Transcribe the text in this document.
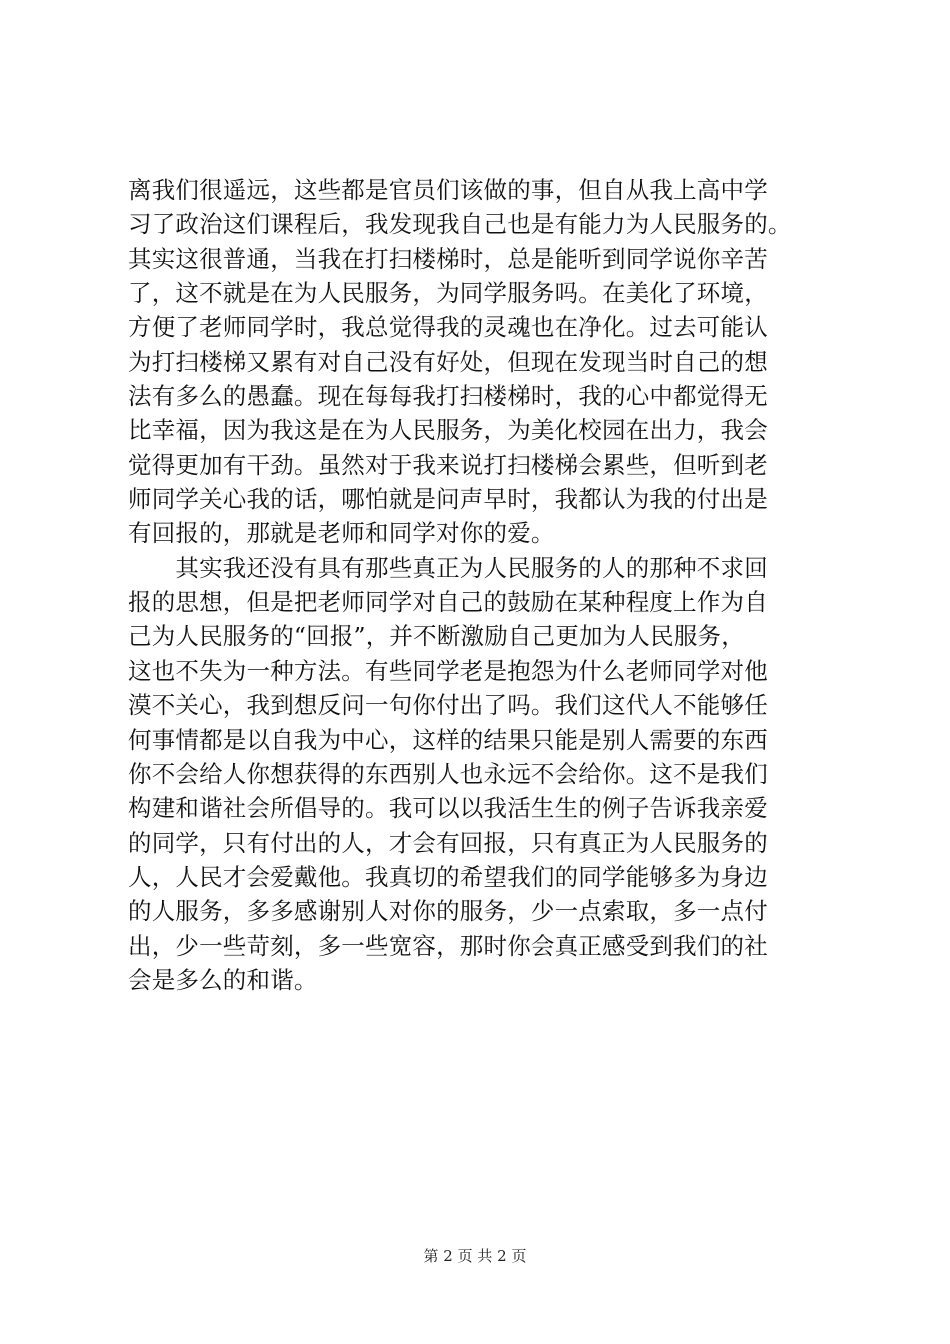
离我们很遥远，这些都是官员们该做的事，但自从我上高中学
习了政治这们课程后，我发现我自己也是有能力为人民服务的。
其实这很普通，当我在打扫楼梯时，总是能听到同学说你辛苦
了，这不就是在为人民服务，为同学服务吗。在美化了环境，
方便了老师同学时，我总觉得我的灵魂也在净化。过去可能认
为打扫楼梯又累有对自己没有好处，但现在发现当时自己的想
法有多么的愚蠢。现在每每我打扫楼梯时，我的心中都觉得无
比幸福，因为我这是在为人民服务，为美化校园在出力，我会
觉得更加有干劲。虽然对于我来说打扫楼梯会累些，但听到老
师同学关心我的话，哪怕就是问声早时，我都认为我的付出是
有回报的，那就是老师和同学对你的爱。
　　其实我还没有具有那些真正为人民服务的人的那种不求回
报的思想，但是把老师同学对自己的鼓励在某种程度上作为自
己为人民服务的“回报”，并不断激励自己更加为人民服务，
这也不失为一种方法。有些同学老是抱怨为什么老师同学对他
漠不关心，我到想反问一句你付出了吗。我们这代人不能够任
何事情都是以自我为中心，这样的结果只能是别人需要的东西
你不会给人你想获得的东西别人也永远不会给你。这不是我们
构建和谐社会所倡导的。我可以以我活生生的例子告诉我亲爱
的同学，只有付出的人，才会有回报，只有真正为人民服务的
人，人民才会爱戴他。我真切的希望我们的同学能够多为身边
的人服务，多多感谢别人对你的服务，少一点索取，多一点付
出，少一些苛刻，多一些宽容，那时你会真正感受到我们的社
会是多么的和谐。
第 2 页 共 2 页
